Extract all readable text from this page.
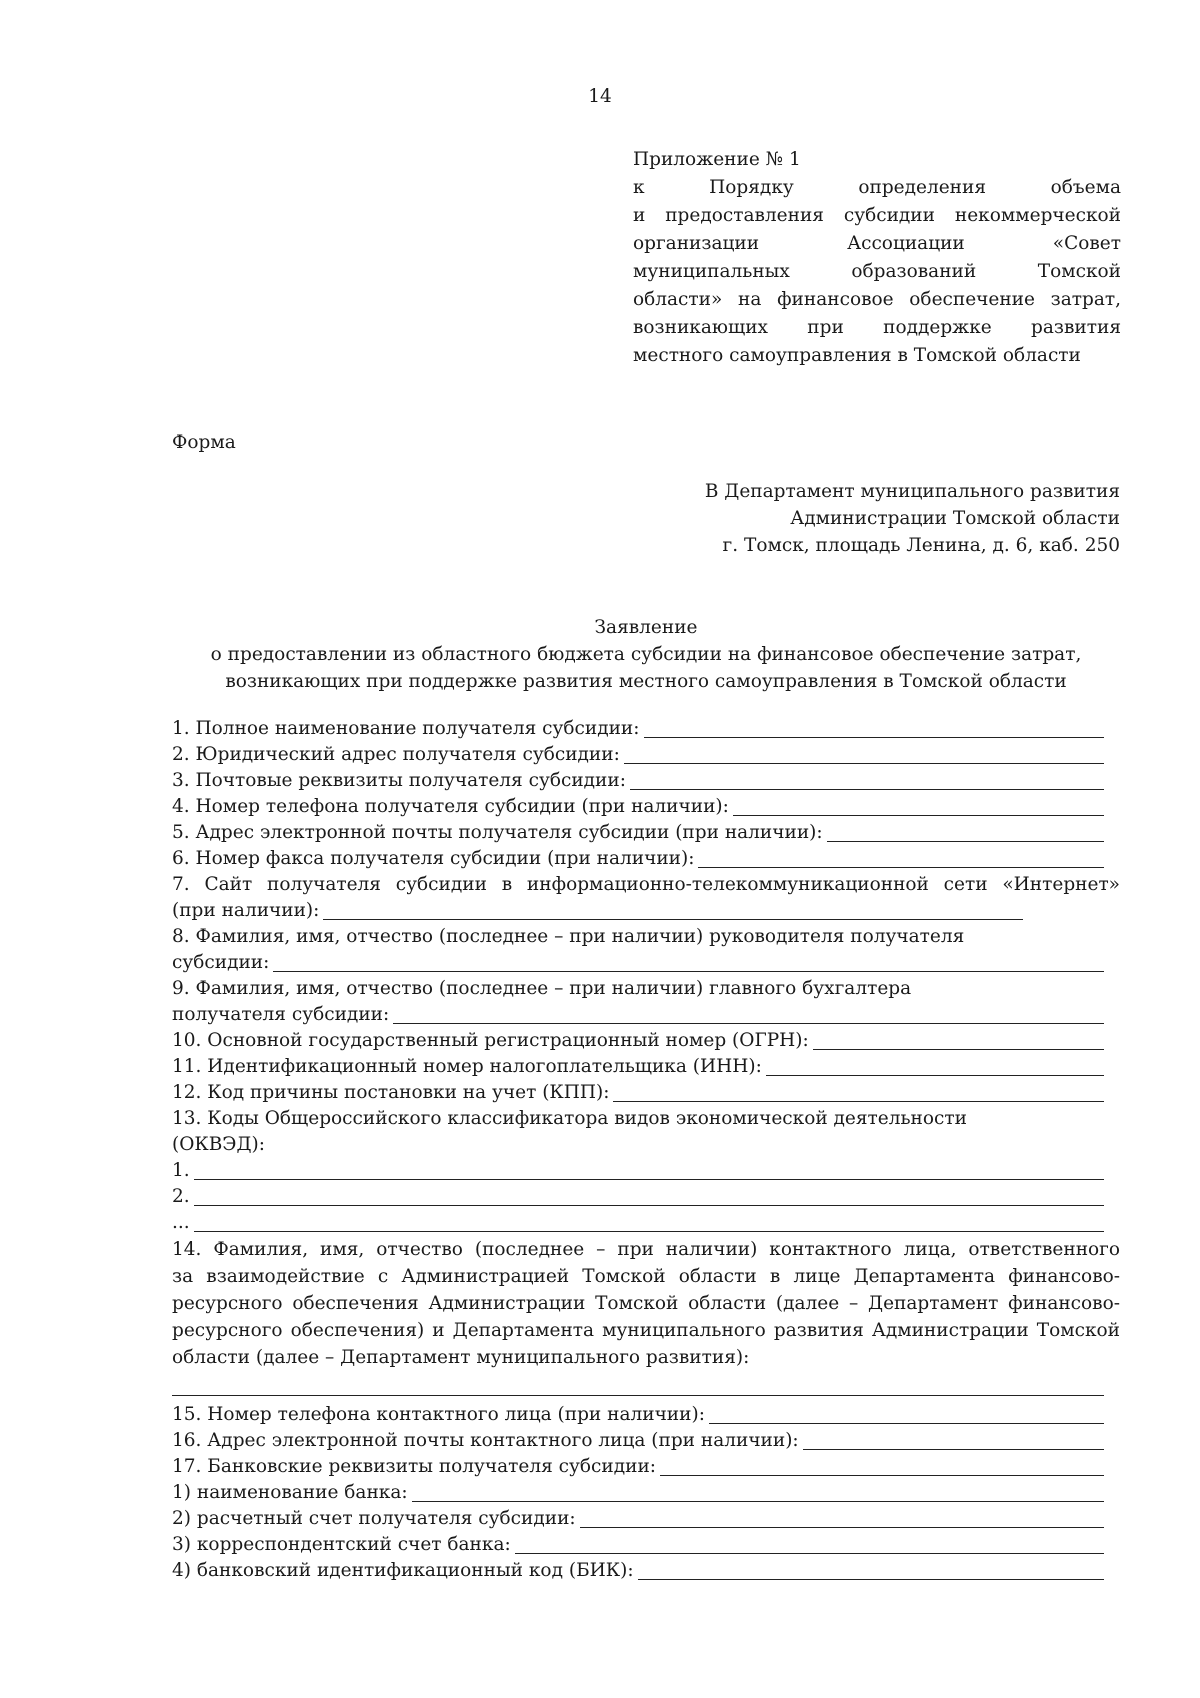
14
Приложение № 1
к Порядку определения объема
и предоставления субсидии некоммерческой
организации Ассоциации «Совет
муниципальных образований Томской
области» на финансовое обеспечение затрат,
возникающих при поддержке развития
местного самоуправления в Томской области
Форма
В Департамент муниципального развития
Администрации Томской области
г. Томск, площадь Ленина, д. 6, каб. 250
Заявление
о предоставлении из областного бюджета субсидии на финансовое обеспечение затрат,
возникающих при поддержке развития местного самоуправления в Томской области
1. Полное наименование получателя субсидии:
2. Юридический адрес получателя субсидии:
3. Почтовые реквизиты получателя субсидии:
4. Номер телефона получателя субсидии (при наличии):
5. Адрес электронной почты получателя субсидии (при наличии):
6. Номер факса получателя субсидии (при наличии):
7. Сайт получателя субсидии в информационно-телекоммуникационной сети «Интернет»
(при наличии):
8. Фамилия, имя, отчество (последнее – при наличии) руководителя получателя
субсидии:
9. Фамилия, имя, отчество (последнее – при наличии) главного бухгалтера
получателя субсидии:
10. Основной государственный регистрационный номер (ОГРН):
11. Идентификационный номер налогоплательщика (ИНН):
12. Код причины постановки на учет (КПП):
13. Коды Общероссийского классификатора видов экономической деятельности
(ОКВЭД):
1.
2.
...
14. Фамилия, имя, отчество (последнее – при наличии) контактного лица, ответственного
за взаимодействие с Администрацией Томской области в лице Департамента финансово-
ресурсного обеспечения Администрации Томской области (далее – Департамент финансово-
ресурсного обеспечения) и Департамента муниципального развития Администрации Томской
области (далее – Департамент муниципального развития):
15. Номер телефона контактного лица (при наличии):
16. Адрес электронной почты контактного лица (при наличии):
17. Банковские реквизиты получателя субсидии:
1) наименование банка:
2) расчетный счет получателя субсидии:
3) корреспондентский счет банка:
4) банковский идентификационный код (БИК):
